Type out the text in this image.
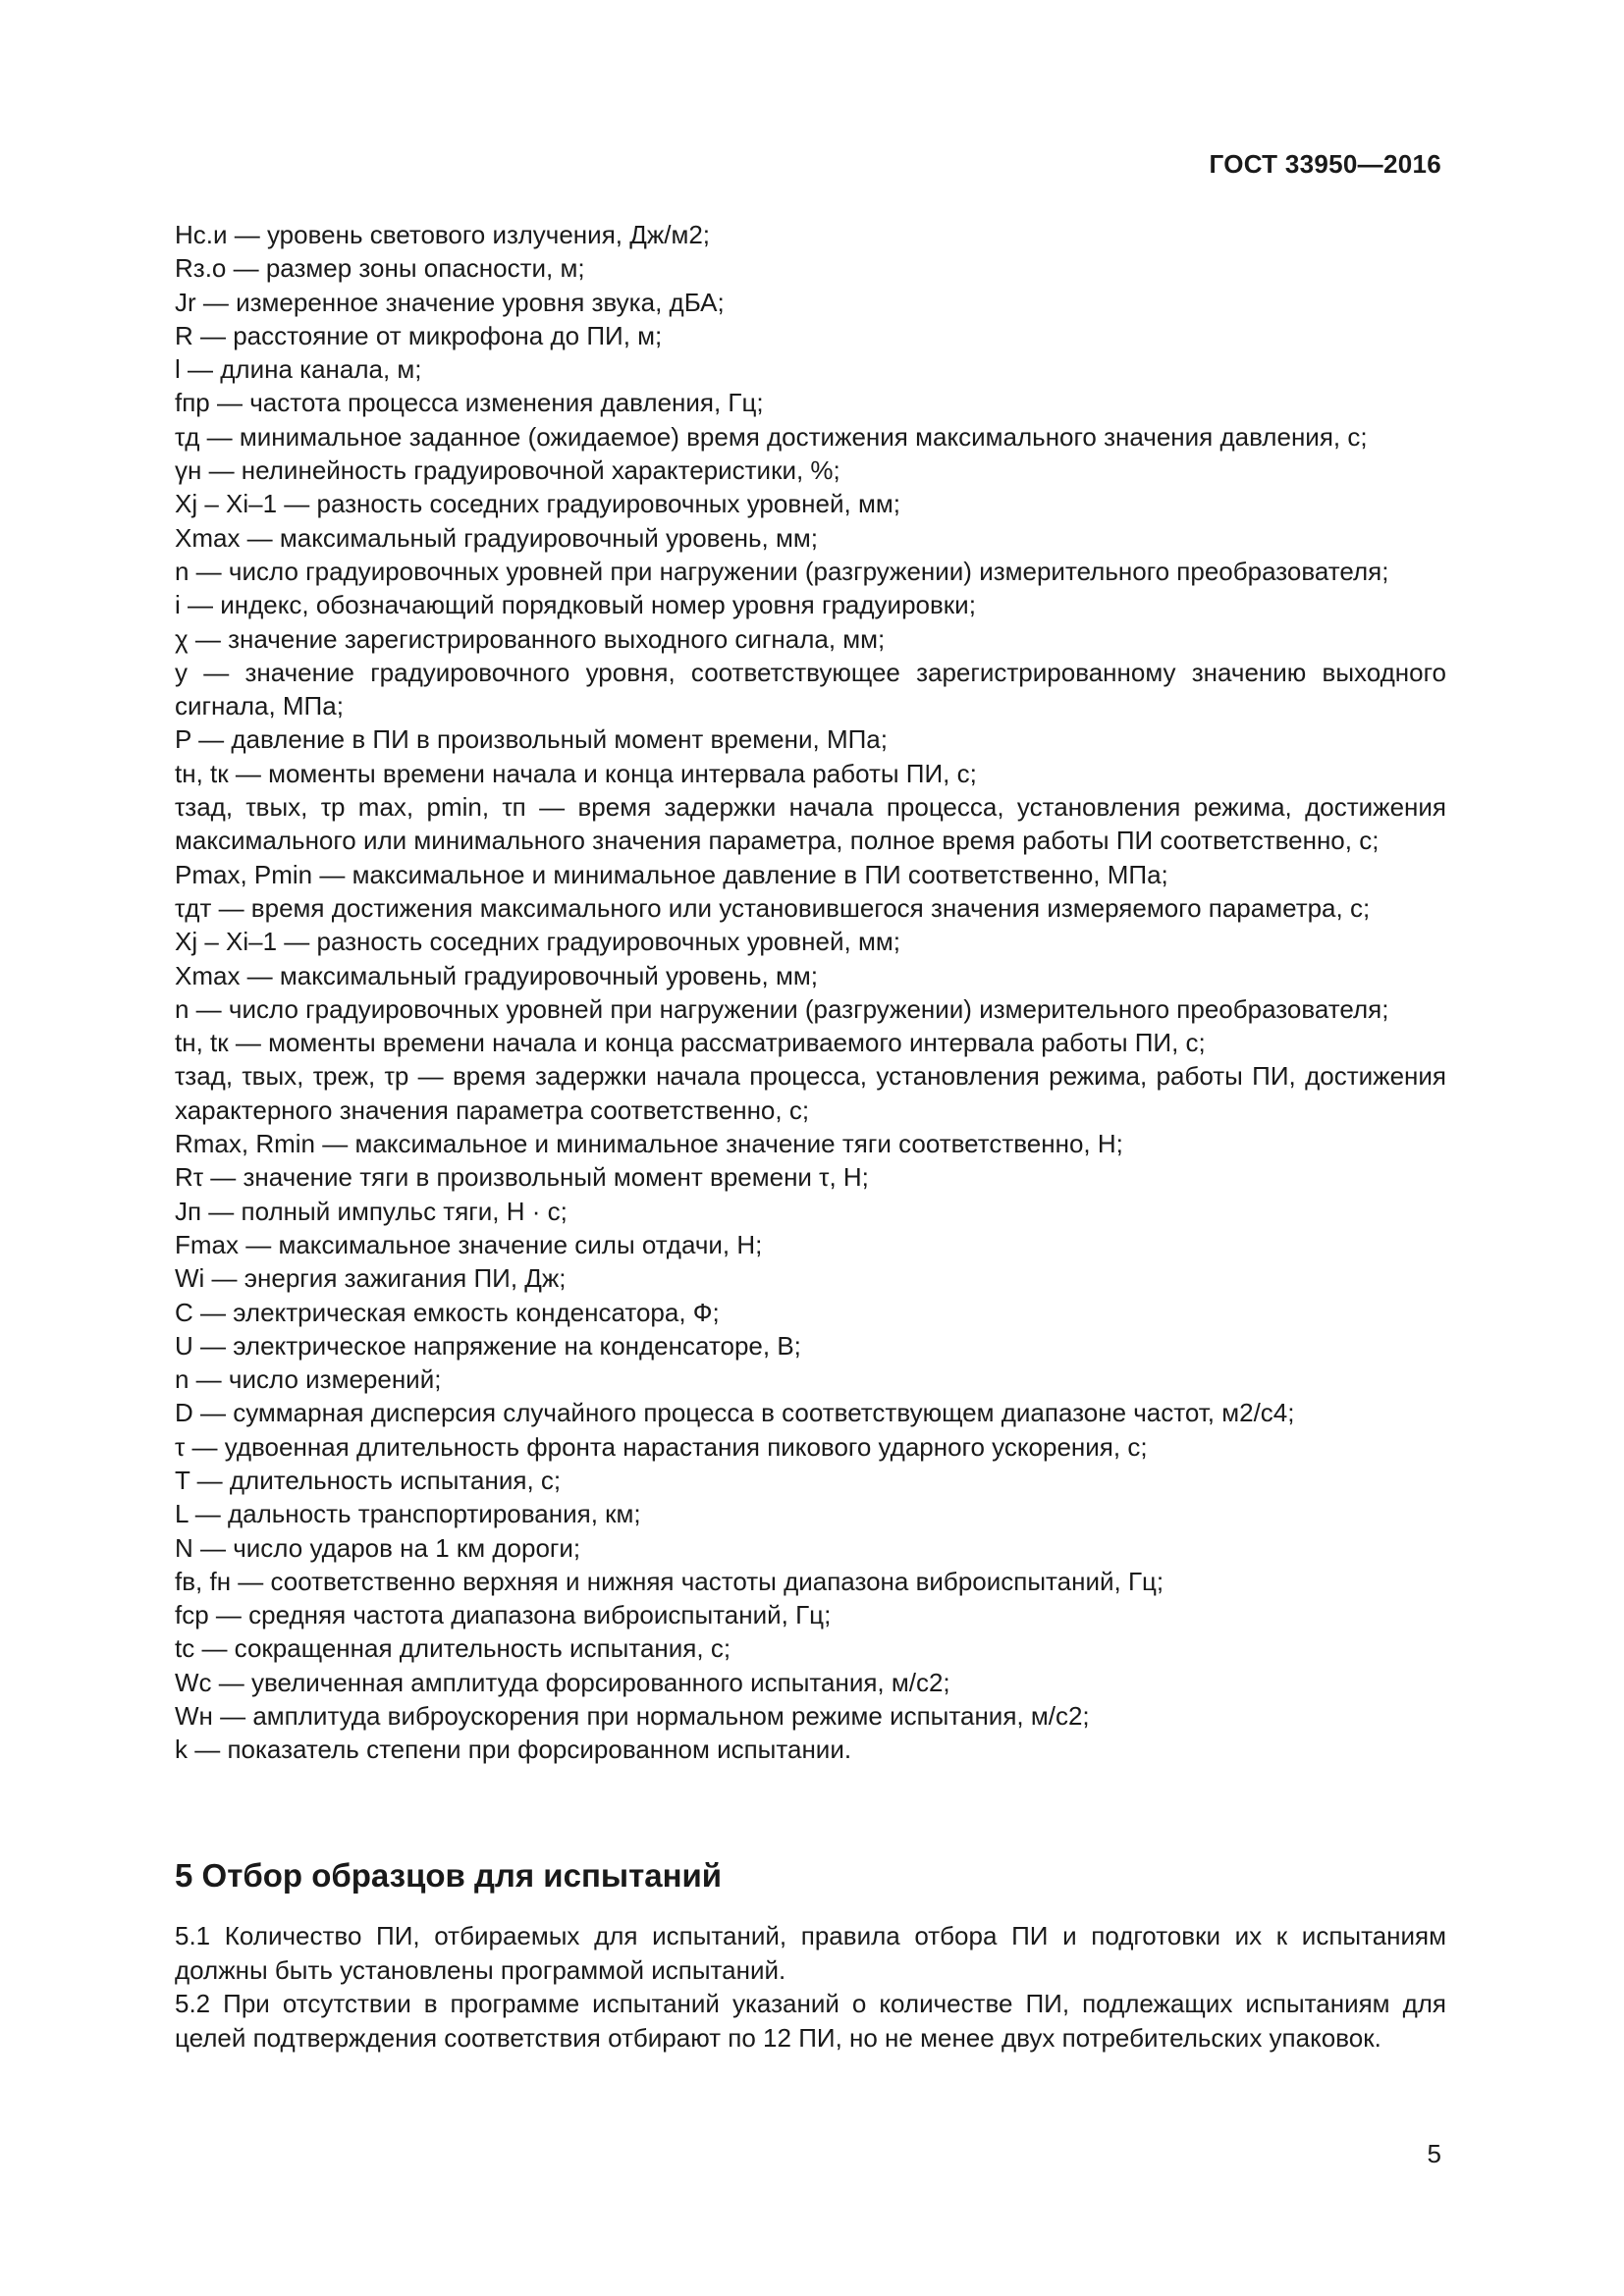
ГОСТ 33950—2016
Hс.и — уровень светового излучения, Дж/м2;
Rз.о — размер зоны опасности, м;
Jr — измеренное значение уровня звука, дБА;
R — расстояние от микрофона до ПИ, м;
l — длина канала, м;
fпр — частота процесса изменения давления, Гц;
τд — минимальное заданное (ожидаемое) время достижения максимального значения давления, с;
γн — нелинейность градуировочной характеристики, %;
Xj – Xi–1 — разность соседних градуировочных уровней, мм;
Xmax — максимальный градуировочный уровень, мм;
n — число градуировочных уровней при нагружении (разгружении) измерительного преобразователя;
i — индекс, обозначающий порядковый номер уровня градуировки;
χ — значение зарегистрированного выходного сигнала, мм;
y — значение градуировочного уровня, соответствующее зарегистрированному значению выходного сигнала, МПа;
P — давление в ПИ в произвольный момент времени, МПа;
tн, tк — моменты времени начала и конца интервала работы ПИ, с;
τзад, τвых, τp max, pmin, τп — время задержки начала процесса, установления режима, достижения максимального или минимального значения параметра, полное время работы ПИ соответственно, с;
Pmax, Pmin — максимальное и минимальное давление в ПИ соответственно, МПа;
τдт — время достижения максимального или установившегося значения измеряемого параметра, с;
Xj – Xi–1 — разность соседних градуировочных уровней, мм;
Xmax — максимальный градуировочный уровень, мм;
n — число градуировочных уровней при нагружении (разгружении) измерительного преобразователя;
tн, tк — моменты времени начала и конца рассматриваемого интервала работы ПИ, с;
τзад, τвых, τреж, τр — время задержки начала процесса, установления режима, работы ПИ, достижения характерного значения параметра соответственно, с;
Rmax, Rmin — максимальное и минимальное значение тяги соответственно, Н;
Rτ — значение тяги в произвольный момент времени τ, Н;
Jп — полный импульс тяги, Н · с;
Fmax — максимальное значение силы отдачи, Н;
Wi — энергия зажигания ПИ, Дж;
C — электрическая емкость конденсатора, Ф;
U — электрическое напряжение на конденсаторе, В;
n — число измерений;
D — суммарная дисперсия случайного процесса в соответствующем диапазоне частот, м2/с4;
τ — удвоенная длительность фронта нарастания пикового ударного ускорения, с;
T — длительность испытания, с;
L — дальность транспортирования, км;
N — число ударов на 1 км дороги;
fв, fн — соответственно верхняя и нижняя частоты диапазона виброиспытаний, Гц;
fср — средняя частота диапазона виброиспытаний, Гц;
tс — сокращенная длительность испытания, с;
Wс — увеличенная амплитуда форсированного испытания, м/с2;
Wн — амплитуда виброускорения при нормальном режиме испытания, м/с2;
k — показатель степени при форсированном испытании.
5 Отбор образцов для испытаний
5.1 Количество ПИ, отбираемых для испытаний, правила отбора ПИ и подготовки их к испытаниям должны быть установлены программой испытаний.
5.2 При отсутствии в программе испытаний указаний о количестве ПИ, подлежащих испытаниям для целей подтверждения соответствия отбирают по 12 ПИ, но не менее двух потребительских упаковок.
5
